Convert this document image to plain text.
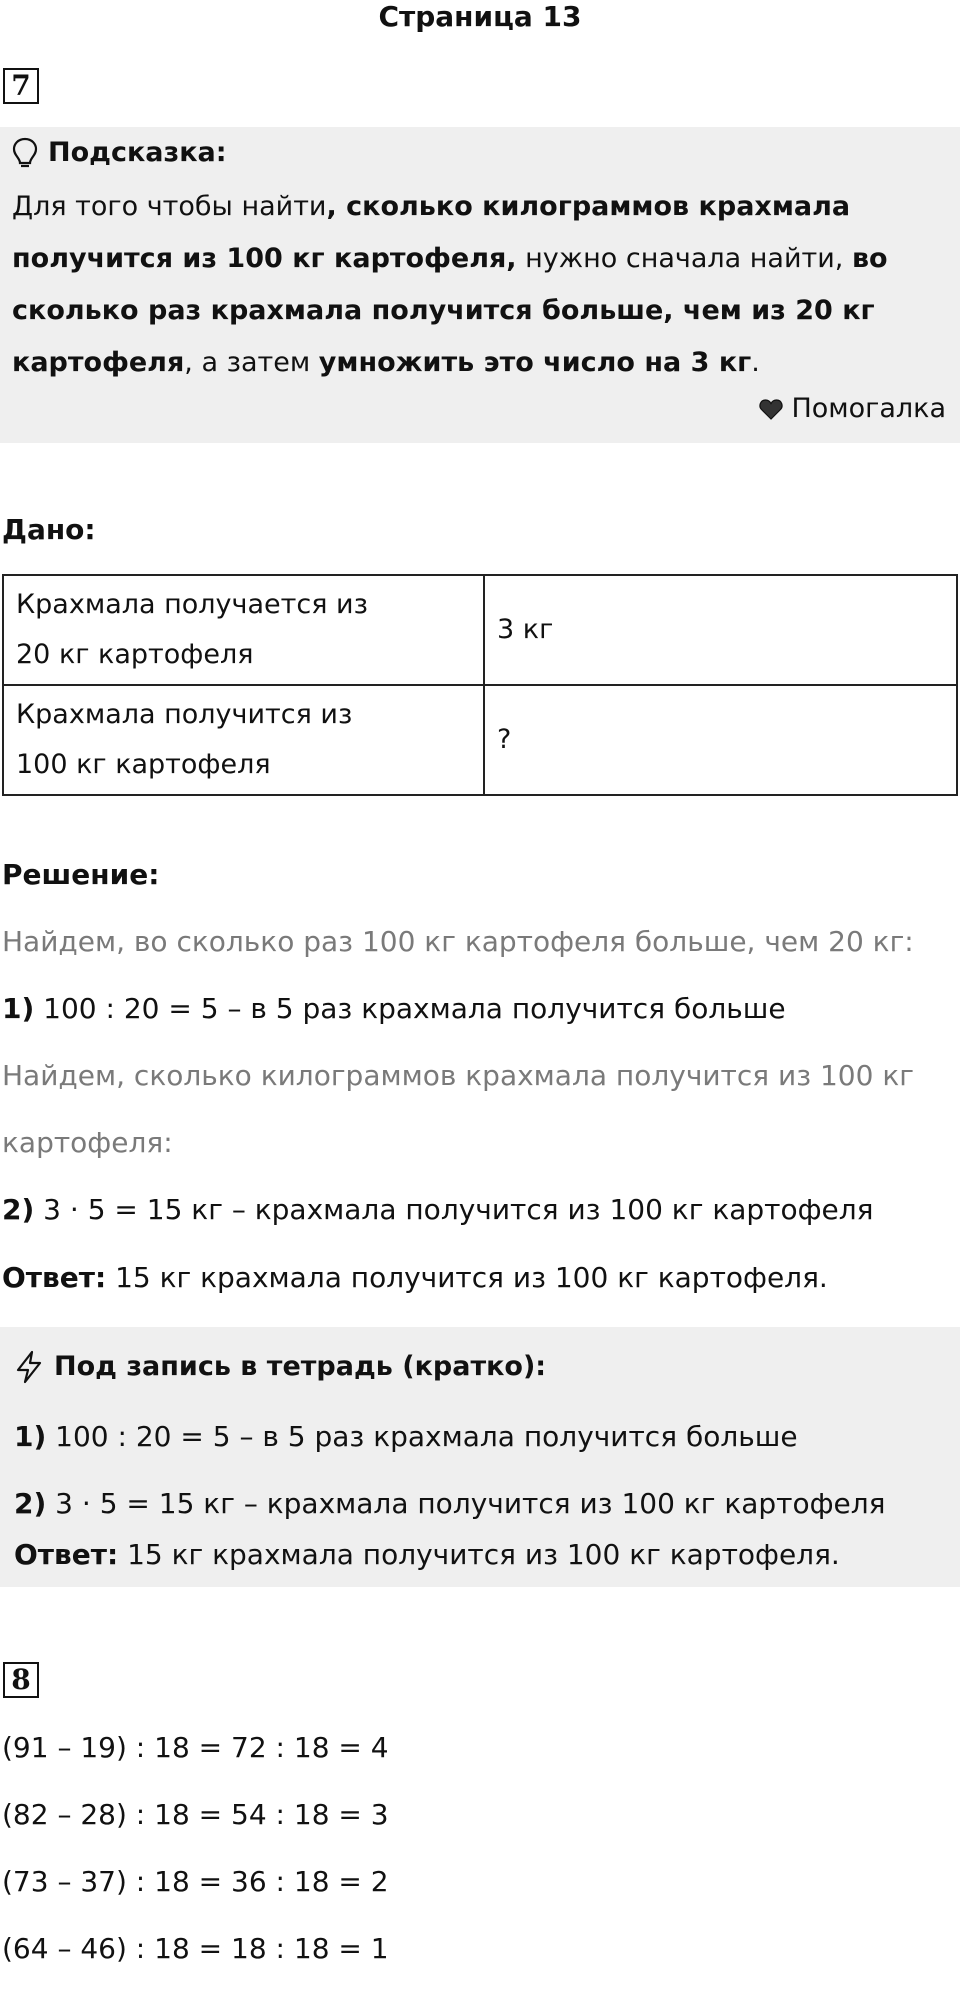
Страница 13
7
Подсказка:
Для того чтобы найти, сколько килограммов крахмала получится из 100 кг картофеля, нужно сначала найти, во сколько раз крахмала получится больше, чем из 20 кг картофеля, а затем умножить это число на 3 кг.
Помогалка
Дано:
Крахмала получается из
20 кг картофеля	3 кг
Крахмала получится из
100 кг картофеля	?
Решение:
Найдем, во сколько раз 100 кг картофеля больше, чем 20 кг:
1) 100 : 20 = 5 – в 5 раз крахмала получится больше
Найдем, сколько килограммов крахмала получится из 100 кг
картофеля:
2) 3 · 5 = 15 кг – крахмала получится из 100 кг картофеля
Ответ: 15 кг крахмала получится из 100 кг картофеля.
Под запись в тетрадь (кратко):
1) 100 : 20 = 5 – в 5 раз крахмала получится больше
2) 3 · 5 = 15 кг – крахмала получится из 100 кг картофеля
Ответ: 15 кг крахмала получится из 100 кг картофеля.
8
(91 – 19) : 18 = 72 : 18 = 4
(82 – 28) : 18 = 54 : 18 = 3
(73 – 37) : 18 = 36 : 18 = 2
(64 – 46) : 18 = 18 : 18 = 1
